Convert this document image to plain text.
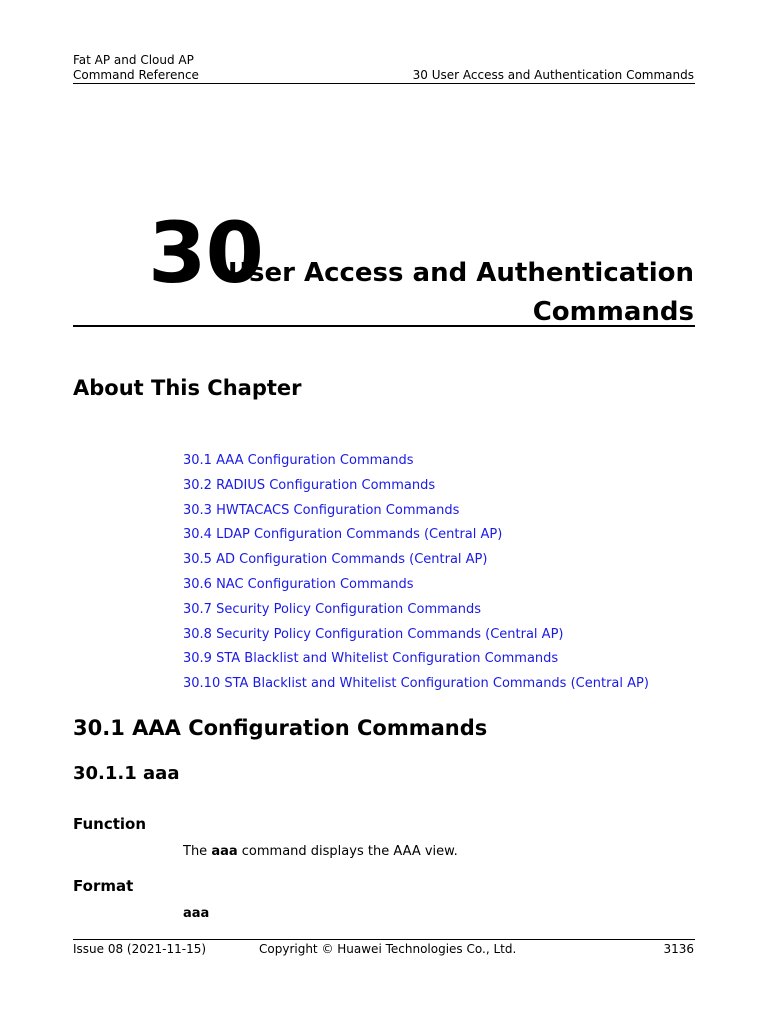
Fat AP and Cloud AP
Command Reference	30 User Access and Authentication Commands
30
User Access and Authentication
Commands
About This Chapter
30.1 AAA Configuration Commands
30.2 RADIUS Configuration Commands
30.3 HWTACACS Configuration Commands
30.4 LDAP Configuration Commands (Central AP)
30.5 AD Configuration Commands (Central AP)
30.6 NAC Configuration Commands
30.7 Security Policy Configuration Commands
30.8 Security Policy Configuration Commands (Central AP)
30.9 STA Blacklist and Whitelist Configuration Commands
30.10 STA Blacklist and Whitelist Configuration Commands (Central AP)
30.1 AAA Configuration Commands
30.1.1 aaa
Function
The aaa command displays the AAA view.
Format
aaa
Issue 08 (2021-11-15)	Copyright © Huawei Technologies Co., Ltd.	3136
